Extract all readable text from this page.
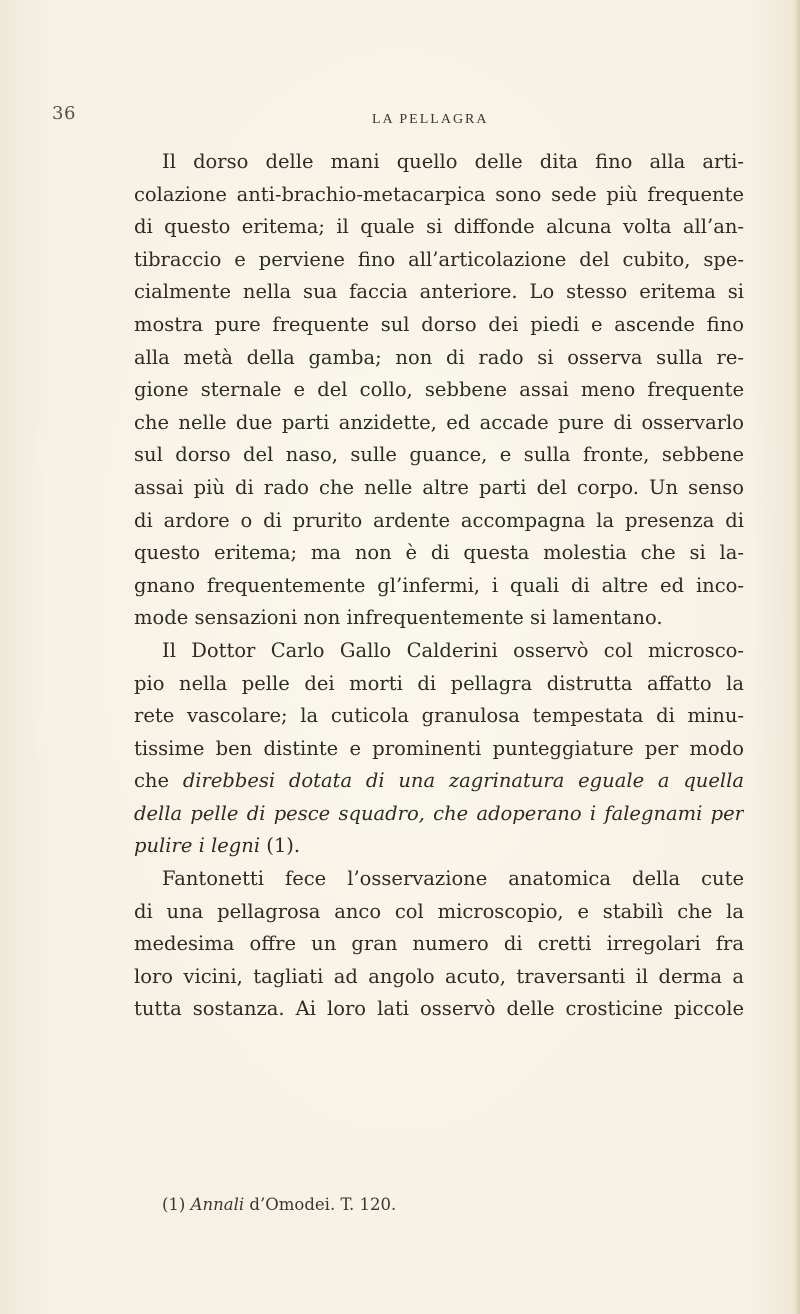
36	LA PELLAGRA
Il dorso delle mani quello delle dita fino alla arti-
colazione anti-brachio-metacarpica sono sede più frequente
di questo eritema; il quale si diffonde alcuna volta all’an-
tibraccio e perviene fino all’articolazione del cubito, spe-
cialmente nella sua faccia anteriore. Lo stesso eritema si
mostra pure frequente sul dorso dei piedi e ascende fino
alla metà della gamba; non di rado si osserva sulla re-
gione sternale e del collo, sebbene assai meno frequente
che nelle due parti anzidette, ed accade pure di osservarlo
sul dorso del naso, sulle guance, e sulla fronte, sebbene
assai più di rado che nelle altre parti del corpo. Un senso
di ardore o di prurito ardente accompagna la presenza di
questo eritema; ma non è di questa molestia che si la-
gnano frequentemente gl’infermi, i quali di altre ed inco-
mode sensazioni non infrequentemente si lamentano.
Il Dottor Carlo Gallo Calderini osservò col microsco-
pio nella pelle dei morti di pellagra distrutta affatto la
rete vascolare; la cuticola granulosa tempestata di minu-
tissime ben distinte e prominenti punteggiature per modo
che direbbesi dotata di una zagrinatura eguale a quella
della pelle di pesce squadro, che adoperano i falegnami per
pulire i legni (1).
Fantonetti fece l’osservazione anatomica della cute
di una pellagrosa anco col microscopio, e stabilì che la
medesima offre un gran numero di cretti irregolari fra
loro vicini, tagliati ad angolo acuto, traversanti il derma a
tutta sostanza. Ai loro lati osservò delle crosticine piccole
(1) Annali d’Omodei. T. 120.
